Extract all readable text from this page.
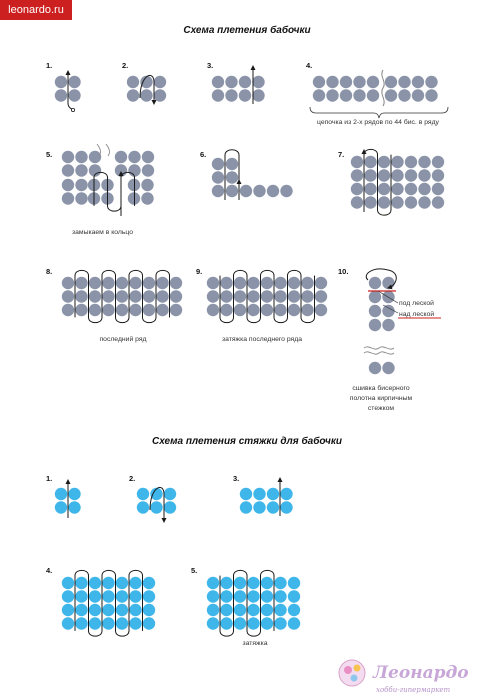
leonardo.ru
Схема плетения бабочки
Схема плетения стяжки для бабочки
1.	2.	3.	4.
5.	6.	7.
8.	9.	10.
1.	2.	3.
4.	5.
цепочка из 2-х рядов по 44 бис. в ряду
замыкаем в кольцо
последний ряд	затяжка последнего ряда
под леской
над леской
сшивка бисерного
полотна кирпичным
стежком
затяжка
Леонардо
хобби-гипермаркет
